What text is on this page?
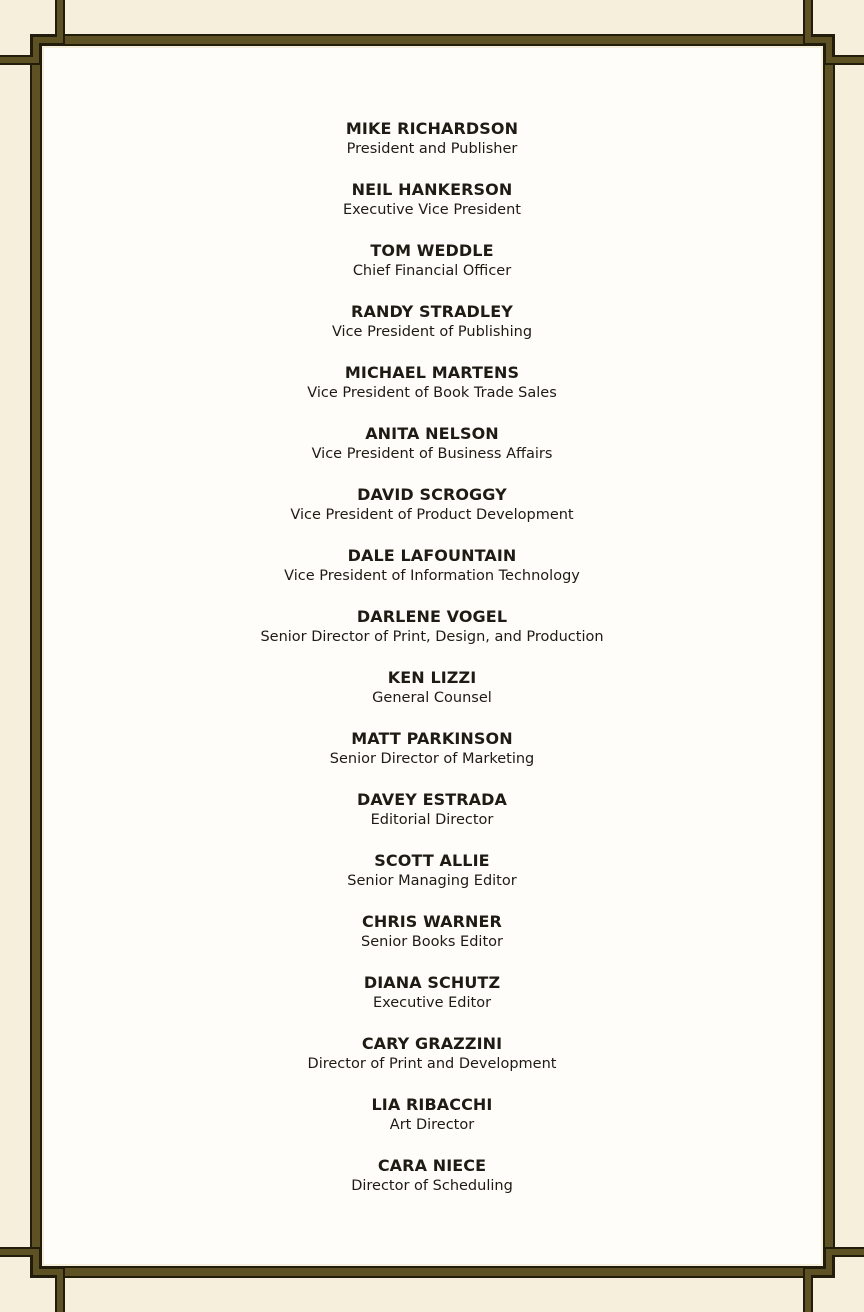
MIKE RICHARDSON
President and Publisher
NEIL HANKERSON
Executive Vice President
TOM WEDDLE
Chief Financial Officer
RANDY STRADLEY
Vice President of Publishing
MICHAEL MARTENS
Vice President of Book Trade Sales
ANITA NELSON
Vice President of Business Affairs
DAVID SCROGGY
Vice President of Product Development
DALE LAFOUNTAIN
Vice President of Information Technology
DARLENE VOGEL
Senior Director of Print, Design, and Production
KEN LIZZI
General Counsel
MATT PARKINSON
Senior Director of Marketing
DAVEY ESTRADA
Editorial Director
SCOTT ALLIE
Senior Managing Editor
CHRIS WARNER
Senior Books Editor
DIANA SCHUTZ
Executive Editor
CARY GRAZZINI
Director of Print and Development
LIA RIBACCHI
Art Director
CARA NIECE
Director of Scheduling
